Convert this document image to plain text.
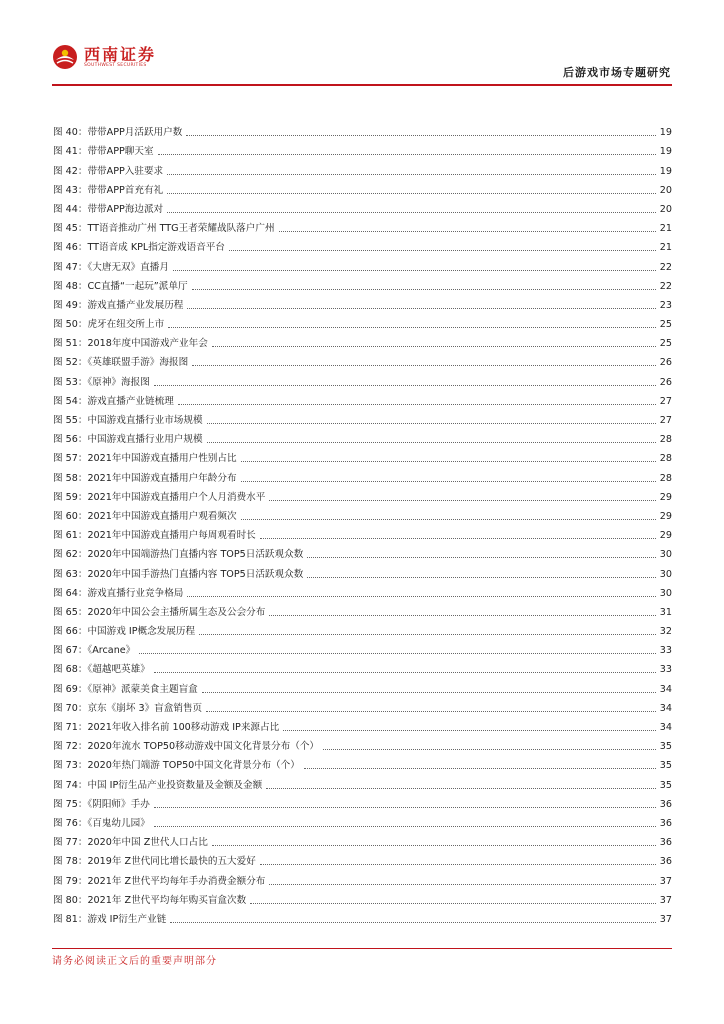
西南证券
SOUTHWEST SECURITIES
后游戏市场专题研究
图 40：带带APP月活跃用户数	19
图 41：带带APP聊天室	19
图 42：带带APP入驻要求	19
图 43：带带APP首充有礼	20
图 44：带带APP海边派对	20
图 45：TT语音推动广州 TTG王者荣耀战队落户广州	21
图 46：TT语音成 KPL指定游戏语音平台	21
图 47：《大唐无双》直播月	22
图 48：CC直播“一起玩”派单厅	22
图 49：游戏直播产业发展历程	23
图 50：虎牙在纽交所上市	25
图 51：2018年度中国游戏产业年会	25
图 52：《英雄联盟手游》海报图	26
图 53：《原神》海报图	26
图 54：游戏直播产业链梳理	27
图 55：中国游戏直播行业市场规模	27
图 56：中国游戏直播行业用户规模	28
图 57：2021年中国游戏直播用户性别占比	28
图 58：2021年中国游戏直播用户年龄分布	28
图 59：2021年中国游戏直播用户个人月消费水平	29
图 60：2021年中国游戏直播用户观看频次	29
图 61：2021年中国游戏直播用户每周观看时长	29
图 62：2020年中国端游热门直播内容 TOP5日活跃观众数	30
图 63：2020年中国手游热门直播内容 TOP5日活跃观众数	30
图 64：游戏直播行业竞争格局	30
图 65：2020年中国公会主播所属生态及公会分布	31
图 66：中国游戏 IP概念发展历程	32
图 67：《Arcane》	33
图 68：《超越吧英雄》	33
图 69：《原神》派蒙美食主题盲盒	34
图 70：京东《崩坏 3》盲盒销售页	34
图 71：2021年收入排名前 100移动游戏 IP来源占比	34
图 72：2020年流水 TOP50移动游戏中国文化背景分布（个）	35
图 73：2020年热门端游 TOP50中国文化背景分布（个）	35
图 74：中国 IP衍生品产业投资数量及金额及金额	35
图 75：《阴阳师》手办	36
图 76：《百鬼幼儿园》	36
图 77：2020年中国 Z世代人口占比	36
图 78：2019年 Z世代同比增长最快的五大爱好	36
图 79：2021年 Z世代平均每年手办消费金额分布	37
图 80：2021年 Z世代平均每年购买盲盒次数	37
图 81：游戏 IP衍生产业链	37
请务必阅读正文后的重要声明部分
